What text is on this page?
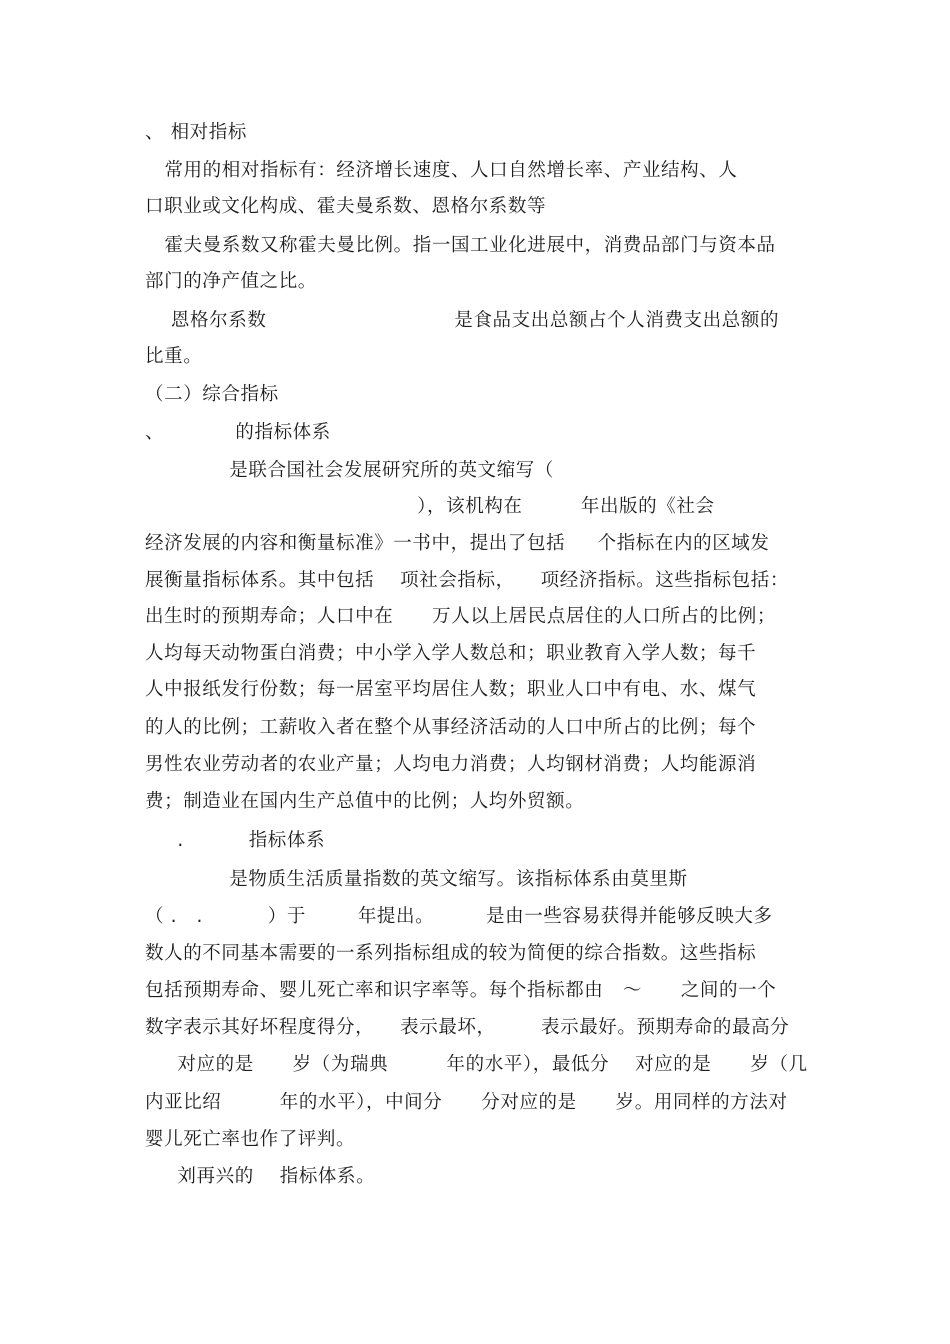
、 相对指标
常用的相对指标有：经济增长速度、人口自然增长率、产业结构、人
口职业或文化构成、霍夫曼系数、恩格尔系数等
霍夫曼系数又称霍夫曼比例。指一国工业化进展中，消费品部门与资本品
部门的净产值之比。
恩格尔系数                             是食品支出总额占个人消费支出总额的
比重。
（二）综合指标
、           的指标体系
是联合国社会发展研究所的英文缩写（
），该机构在         年出版的《社会
经济发展的内容和衡量标准》一书中，提出了包括     个指标在内的区域发
展衡量指标体系。其中包括    项社会指标，    项经济指标。这些指标包括：
出生时的预期寿命；人口中在      万人以上居民点居住的人口所占的比例；
人均每天动物蛋白消费；中小学入学人数总和；职业教育入学人数；每千
人中报纸发行份数；每一居室平均居住人数；职业人口中有电、水、煤气
的人的比例；工薪收入者在整个从事经济活动的人口中所占的比例；每个
男性农业劳动者的农业产量；人均电力消费；人均钢材消费；人均能源消
费；制造业在国内生产总值中的比例；人均外贸额。
.          指标体系
是物质生活质量指数的英文缩写。该指标体系由莫里斯
（ .   .          ）于        年提出。        是由一些容易获得并能够反映大多
数人的不同基本需要的一系列指标组成的较为简便的综合指数。这些指标
包括预期寿命、婴儿死亡率和识字率等。每个指标都由   ～      之间的一个
数字表示其好坏程度得分，    表示最坏，       表示最好。预期寿命的最高分
对应的是      岁（为瑞典         年的水平），最低分    对应的是      岁（几
内亚比绍         年的水平），中间分      分对应的是      岁。用同样的方法对
婴儿死亡率也作了评判。
刘再兴的    指标体系。
